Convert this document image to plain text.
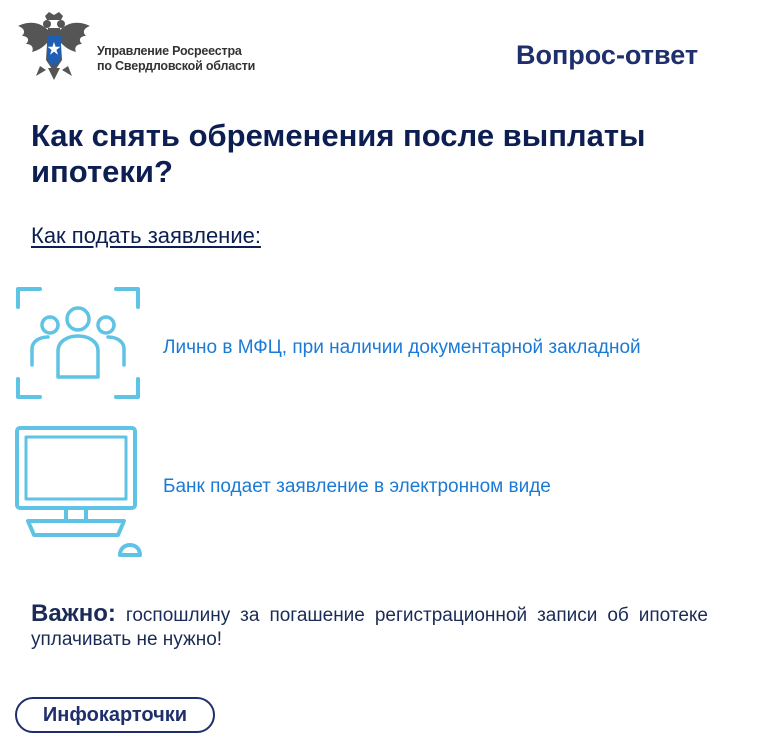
Управление Росреестра
по Свердловской области	Вопрос-ответ
Как снять обременения после выплаты ипотеки?
Как подать заявление:
Лично в МФЦ, при наличии документарной закладной
Банк подает заявление в электронном виде
Важно: госпошлину за погашение регистрационной записи об ипотеке уплачивать не нужно!
Инфокарточки
